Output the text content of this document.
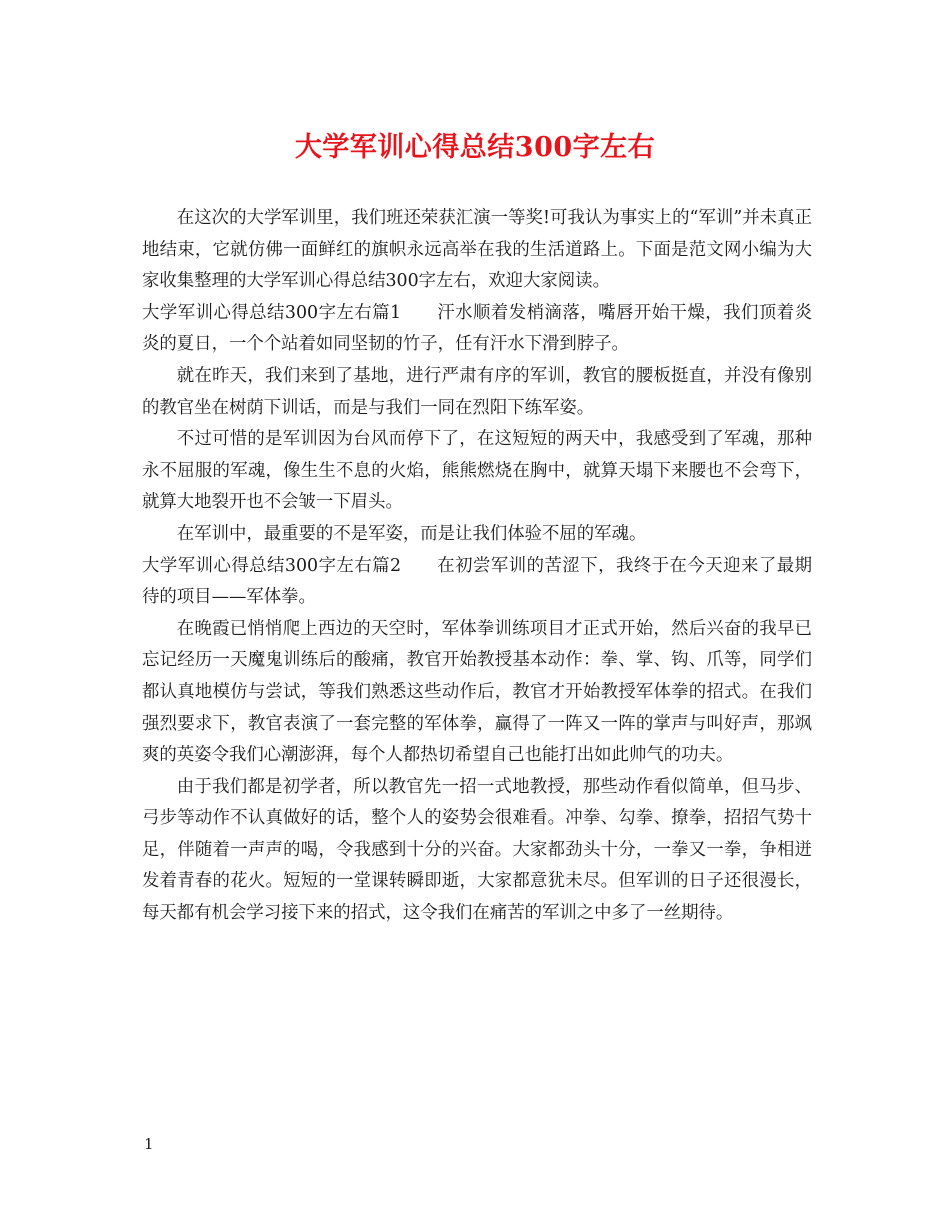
大学军训心得总结300字左右

在这次的大学军训里，我们班还荣获汇演一等奖!可我认为事实上的“军训”并未真正地结束，它就仿佛一面鲜红的旗帜永远高举在我的生活道路上。下面是范文网小编为大家收集整理的大学军训心得总结300字左右，欢迎大家阅读。

大学军训心得总结300字左右篇1　　汗水顺着发梢滴落，嘴唇开始干燥，我们顶着炎炎的夏日，一个个站着如同坚韧的竹子，任有汗水下滑到脖子。

就在昨天，我们来到了基地，进行严肃有序的军训，教官的腰板挺直，并没有像别的教官坐在树荫下训话，而是与我们一同在烈阳下练军姿。

不过可惜的是军训因为台风而停下了，在这短短的两天中，我感受到了军魂，那种永不屈服的军魂，像生生不息的火焰，熊熊燃烧在胸中，就算天塌下来腰也不会弯下，就算大地裂开也不会皱一下眉头。

在军训中，最重要的不是军姿，而是让我们体验不屈的军魂。

大学军训心得总结300字左右篇2　　在初尝军训的苦涩下，我终于在今天迎来了最期待的项目——军体拳。

在晚霞已悄悄爬上西边的天空时，军体拳训练项目才正式开始，然后兴奋的我早已忘记经历一天魔鬼训练后的酸痛，教官开始教授基本动作：拳、掌、钩、爪等，同学们都认真地模仿与尝试，等我们熟悉这些动作后，教官才开始教授军体拳的招式。在我们强烈要求下，教官表演了一套完整的军体拳，赢得了一阵又一阵的掌声与叫好声，那飒爽的英姿令我们心潮澎湃，每个人都热切希望自己也能打出如此帅气的功夫。

由于我们都是初学者，所以教官先一招一式地教授，那些动作看似简单，但马步、弓步等动作不认真做好的话，整个人的姿势会很难看。冲拳、勾拳、撩拳，招招气势十足，伴随着一声声的喝，令我感到十分的兴奋。大家都劲头十分，一拳又一拳，争相迸发着青春的花火。短短的一堂课转瞬即逝，大家都意犹未尽。但军训的日子还很漫长，每天都有机会学习接下来的招式，这令我们在痛苦的军训之中多了一丝期待。

1
